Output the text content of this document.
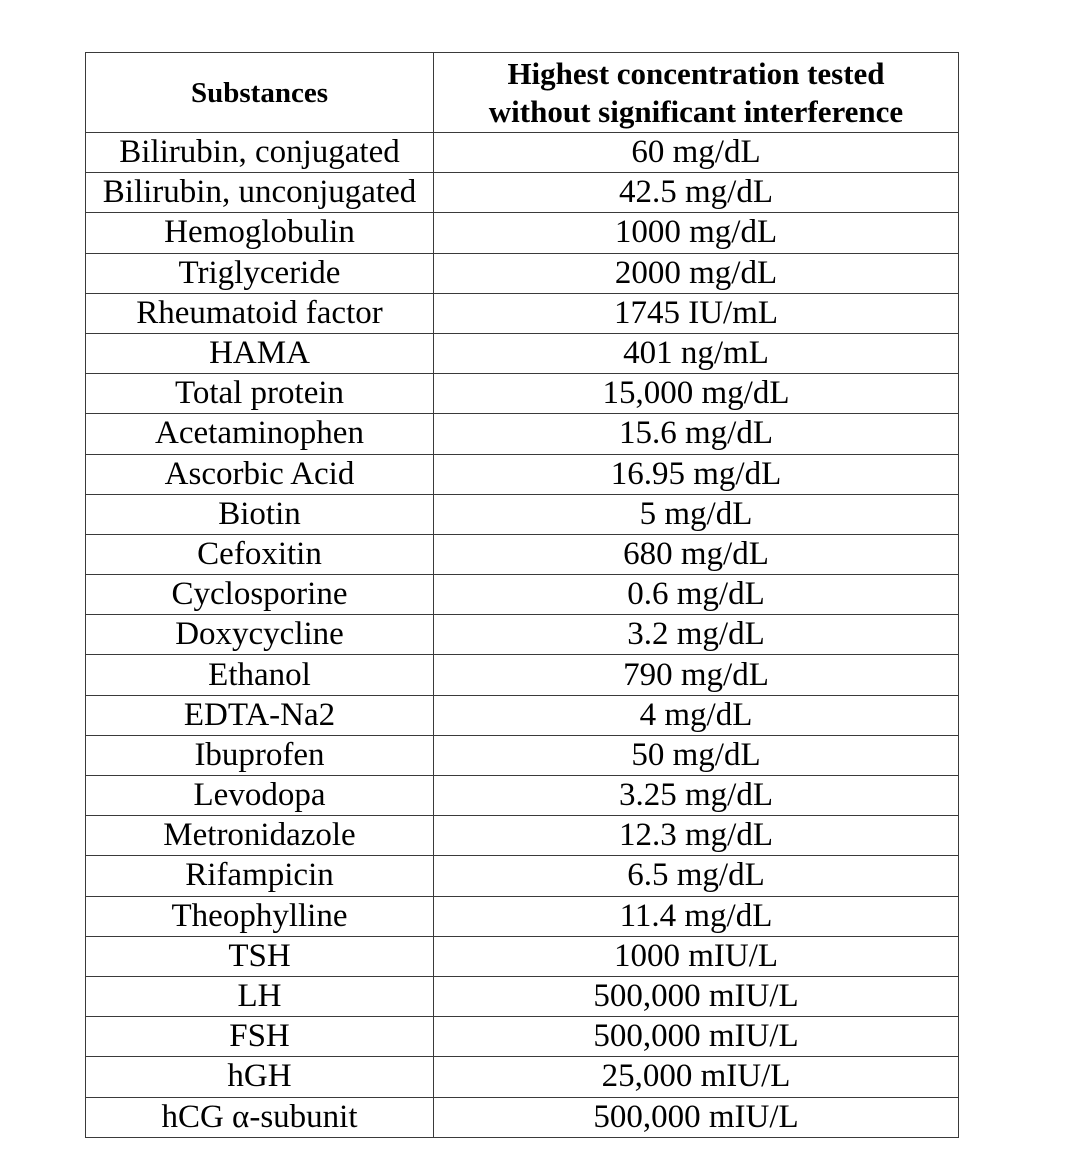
Substances	Highest concentration tested
without significant interference

Bilirubin, conjugated	60 mg/dL
Bilirubin, unconjugated	42.5 mg/dL
Hemoglobulin	1000 mg/dL
Triglyceride	2000 mg/dL
Rheumatoid factor	1745 IU/mL
HAMA	401 ng/mL
Total protein	15,000 mg/dL
Acetaminophen	15.6 mg/dL
Ascorbic Acid	16.95 mg/dL
Biotin	5 mg/dL
Cefoxitin	680 mg/dL
Cyclosporine	0.6 mg/dL
Doxycycline	3.2 mg/dL
Ethanol	790 mg/dL
EDTA-Na2	4 mg/dL
Ibuprofen	50 mg/dL
Levodopa	3.25 mg/dL
Metronidazole	12.3 mg/dL
Rifampicin	6.5 mg/dL
Theophylline	11.4 mg/dL
TSH	1000 mIU/L
LH	500,000 mIU/L
FSH	500,000 mIU/L
hGH	25,000 mIU/L
hCG α-subunit	500,000 mIU/L
